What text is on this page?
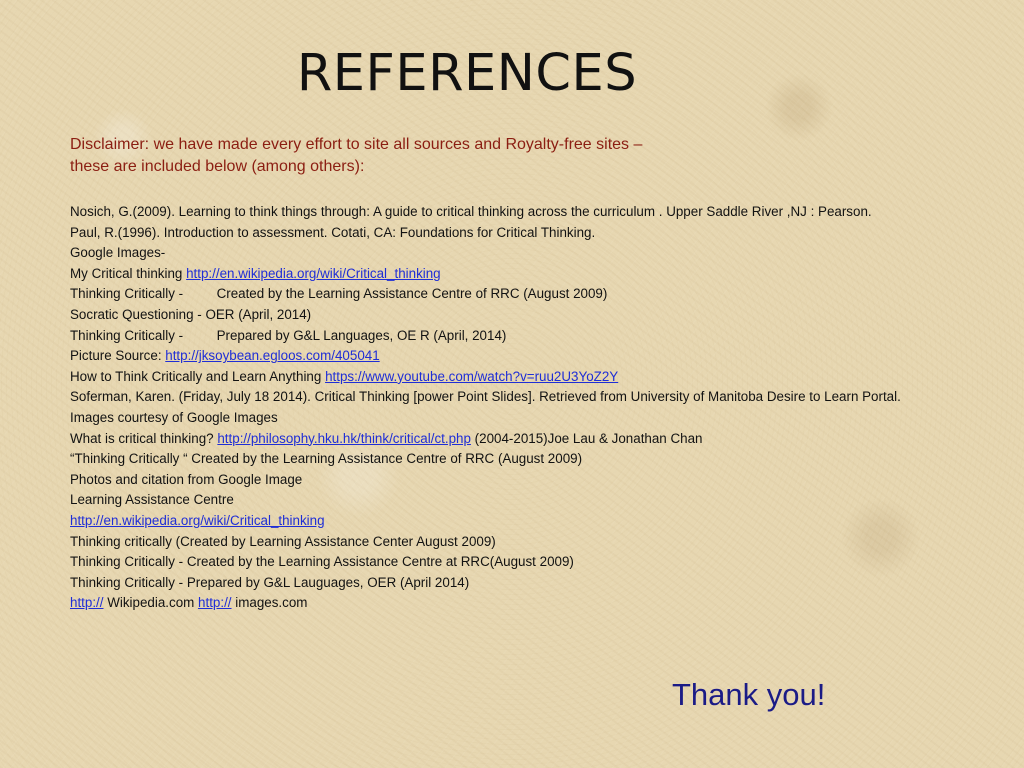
REFERENCES
Disclaimer: we have made every effort to site all sources and Royalty-free sites –
these are included below (among others):
Nosich, G.(2009). Learning to think things through: A guide to critical thinking across the curriculum . Upper Saddle River ,NJ : Pearson.
Paul, R.(1996). Introduction to assessment. Cotati, CA: Foundations for Critical Thinking.
Google Images-
My Critical thinking http://en.wikipedia.org/wiki/Critical_thinking
Thinking Critically -  Created by the Learning Assistance Centre of RRC (August 2009)
Socratic Questioning - OER (April, 2014)
Thinking Critically -  Prepared by G&L Languages, OE R (April, 2014)
Picture Source: http://jksoybean.egloos.com/405041
How to Think Critically and Learn Anything https://www.youtube.com/watch?v=ruu2U3YoZ2Y
Soferman, Karen. (Friday, July 18 2014). Critical Thinking [power Point Slides]. Retrieved from University of Manitoba Desire to Learn Portal.
Images courtesy of Google Images
What is critical thinking? http://philosophy.hku.hk/think/critical/ct.php (2004-2015)Joe Lau & Jonathan Chan
“Thinking Critically “ Created by the Learning Assistance Centre of RRC (August 2009)
Photos and citation from Google Image
Learning Assistance Centre
http://en.wikipedia.org/wiki/Critical_thinking
Thinking critically (Created by Learning Assistance Center August 2009)
Thinking Critically - Created by the Learning Assistance Centre at RRC(August 2009)
Thinking Critically - Prepared by G&L Lauguages, OER (April 2014)
http:// Wikipedia.com http:// images.com
Thank you!
